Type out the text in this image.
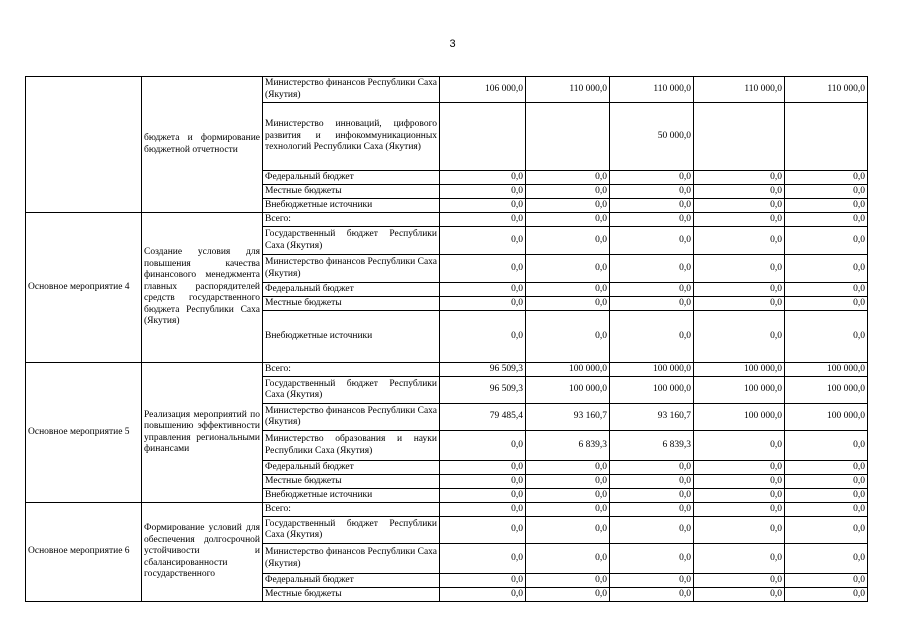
3
	бюджета и формирование бюджетной отчетности	Министерство финансов Республики Саха (Якутия)	106 000,0	110 000,0	110 000,0	110 000,0	110 000,0
		Министерство инноваций, цифрового развития и инфокоммуникационных технологий Республики Саха (Якутия)			50 000,0		
		Федеральный бюджет	0,0	0,0	0,0	0,0	0,0
		Местные бюджеты	0,0	0,0	0,0	0,0	0,0
		Внебюджетные источники	0,0	0,0	0,0	0,0	0,0
Основное мероприятие 4	Создание условия для повышения качества финансового менеджмента главных распорядителей средств государственного бюджета Республики Саха (Якутия)	Всего:	0,0	0,0	0,0	0,0	0,0
		Государственный бюджет Республики Саха (Якутия)	0,0	0,0	0,0	0,0	0,0
		Министерство финансов Республики Саха (Якутия)	0,0	0,0	0,0	0,0	0,0
		Федеральный бюджет	0,0	0,0	0,0	0,0	0,0
		Местные бюджеты	0,0	0,0	0,0	0,0	0,0
		Внебюджетные источники	0,0	0,0	0,0	0,0	0,0
Основное мероприятие 5	Реализация мероприятий по повышению эффективности управления региональными финансами	Всего:	96 509,3	100 000,0	100 000,0	100 000,0	100 000,0
		Государственный бюджет Республики Саха (Якутия)	96 509,3	100 000,0	100 000,0	100 000,0	100 000,0
		Министерство финансов Республики Саха (Якутия)	79 485,4	93 160,7	93 160,7	100 000,0	100 000,0
		Министерство образования и науки Республики Саха (Якутия)	0,0	6 839,3	6 839,3	0,0	0,0
		Федеральный бюджет	0,0	0,0	0,0	0,0	0,0
		Местные бюджеты	0,0	0,0	0,0	0,0	0,0
		Внебюджетные источники	0,0	0,0	0,0	0,0	0,0
Основное мероприятие 6	Формирование условий для обеспечения долгосрочной устойчивости и сбалансированности государственного	Всего:	0,0	0,0	0,0	0,0	0,0
		Государственный бюджет Республики Саха (Якутия)	0,0	0,0	0,0	0,0	0,0
		Министерство финансов Республики Саха (Якутия)	0,0	0,0	0,0	0,0	0,0
		Федеральный бюджет	0,0	0,0	0,0	0,0	0,0
		Местные бюджеты	0,0	0,0	0,0	0,0	0,0
